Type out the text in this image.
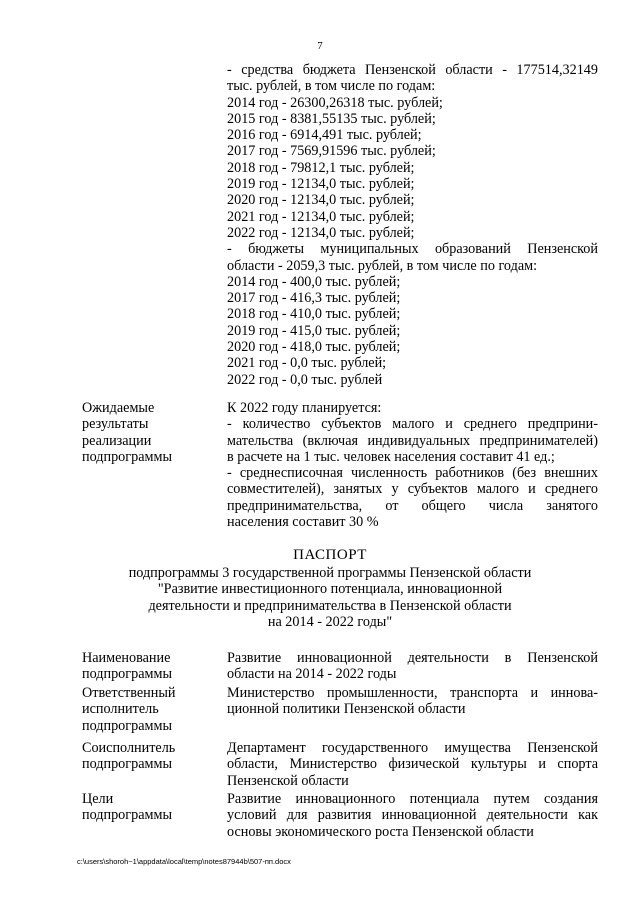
7
- средства бюджета Пензенской области - 177514,32149
тыс. рублей, в том числе по годам:
2014 год - 26300,26318 тыс. рублей;
2015 год - 8381,55135 тыс. рублей;
2016 год - 6914,491 тыс. рублей;
2017 год - 7569,91596 тыс. рублей;
2018 год - 79812,1 тыс. рублей;
2019 год - 12134,0 тыс. рублей;
2020 год - 12134,0 тыс. рублей;
2021 год - 12134,0 тыс. рублей;
2022 год - 12134,0 тыс. рублей;
- бюджеты муниципальных образований Пензенской
области - 2059,3 тыс. рублей, в том числе по годам:
2014 год - 400,0 тыс. рублей;
2017 год - 416,3 тыс. рублей;
2018 год - 410,0 тыс. рублей;
2019 год - 415,0 тыс. рублей;
2020 год - 418,0 тыс. рублей;
2021 год - 0,0 тыс. рублей;
2022 год - 0,0 тыс. рублей
Ожидаемые
результаты
реализации
подпрограммы
К 2022 году планируется:
- количество субъектов малого и среднего предприни-
мательства (включая индивидуальных предпринимателей)
в расчете на 1 тыс. человек населения составит 41 ед.;
- среднесписочная численность работников (без внешних
совместителей), занятых у субъектов малого и среднего
предпринимательства, от общего числа занятого
населения составит 30 %
ПАСПОРТ
подпрограммы 3 государственной программы Пензенской области
"Развитие инвестиционного потенциала, инновационной
деятельности и предпринимательства в Пензенской области
на 2014 - 2022 годы"
Наименование
подпрограммы
Развитие инновационной деятельности в Пензенской
области на 2014 - 2022 годы
Ответственный
исполнитель
подпрограммы
Министерство промышленности, транспорта и иннова-
ционной политики Пензенской области
Соисполнитель
подпрограммы
Департамент государственного имущества Пензенской
области, Министерство физической культуры и спорта
Пензенской области
Цели
подпрограммы
Развитие инновационного потенциала путем создания
условий для развития инновационной деятельности как
основы экономического роста Пензенской области
c:\users\shoroh~1\appdata\local\temp\notes87944b\507-пп.docx
